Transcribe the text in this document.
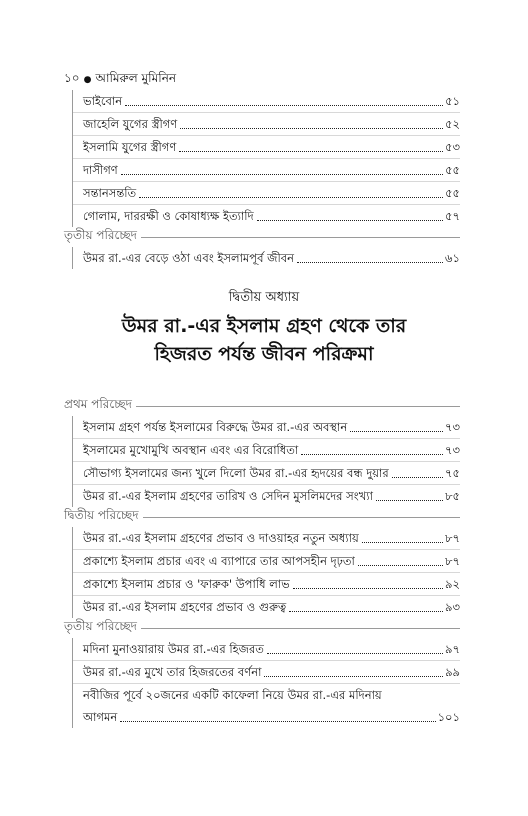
১০ ● আমিরুল মুমিনিন
ভাইবোন	৫১
জাহেলি যুগের স্ত্রীগণ	৫২
ইসলামি যুগের স্ত্রীগণ	৫৩
দাসীগণ	৫৫
সন্তানসন্ততি	৫৫
গোলাম, দাররক্ষী ও কোষাধ্যক্ষ ইত্যাদি	৫৭
তৃতীয় পরিচ্ছেদ
উমর রা.-এর বেড়ে ওঠা এবং ইসলামপূর্ব জীবন	৬১
দ্বিতীয় অধ্যায়
উমর রা.-এর ইসলাম গ্রহণ থেকে তার
হিজরত পর্যন্ত জীবন পরিক্রমা
প্রথম পরিচ্ছেদ
ইসলাম গ্রহণ পর্যন্ত ইসলামের বিরুদ্ধে উমর রা.-এর অবস্থান	৭৩
ইসলামের মুখোমুখি অবস্থান এবং এর বিরোধিতা	৭৩
সৌভাগ্য ইসলামের জন্য খুলে দিলো উমর রা.-এর হৃদয়ের বন্ধ দুয়ার	৭৫
উমর রা.-এর ইসলাম গ্রহণের তারিখ ও সেদিন মুসলিমদের সংখ্যা	৮৫
দ্বিতীয় পরিচ্ছেদ
উমর রা.-এর ইসলাম গ্রহণের প্রভাব ও দাওয়াহর নতুন অধ্যায়	৮৭
প্রকাশ্যে ইসলাম প্রচার এবং এ ব্যাপারে তার আপসহীন দৃঢ়তা	৮৭
প্রকাশ্যে ইসলাম প্রচার ও 'ফারুক' উপাধি লাভ	৯২
উমর রা.-এর ইসলাম গ্রহণের প্রভাব ও গুরুত্ব	৯৩
তৃতীয় পরিচ্ছেদ
মদিনা মুনাওয়ারায় উমর রা.-এর হিজরত	৯৭
উমর রা.-এর মুখে তার হিজরতের বর্ণনা	৯৯
নবীজির পূর্বে ২০জনের একটি কাফেলা নিয়ে উমর রা.-এর মদিনায়
আগমন	১০১
